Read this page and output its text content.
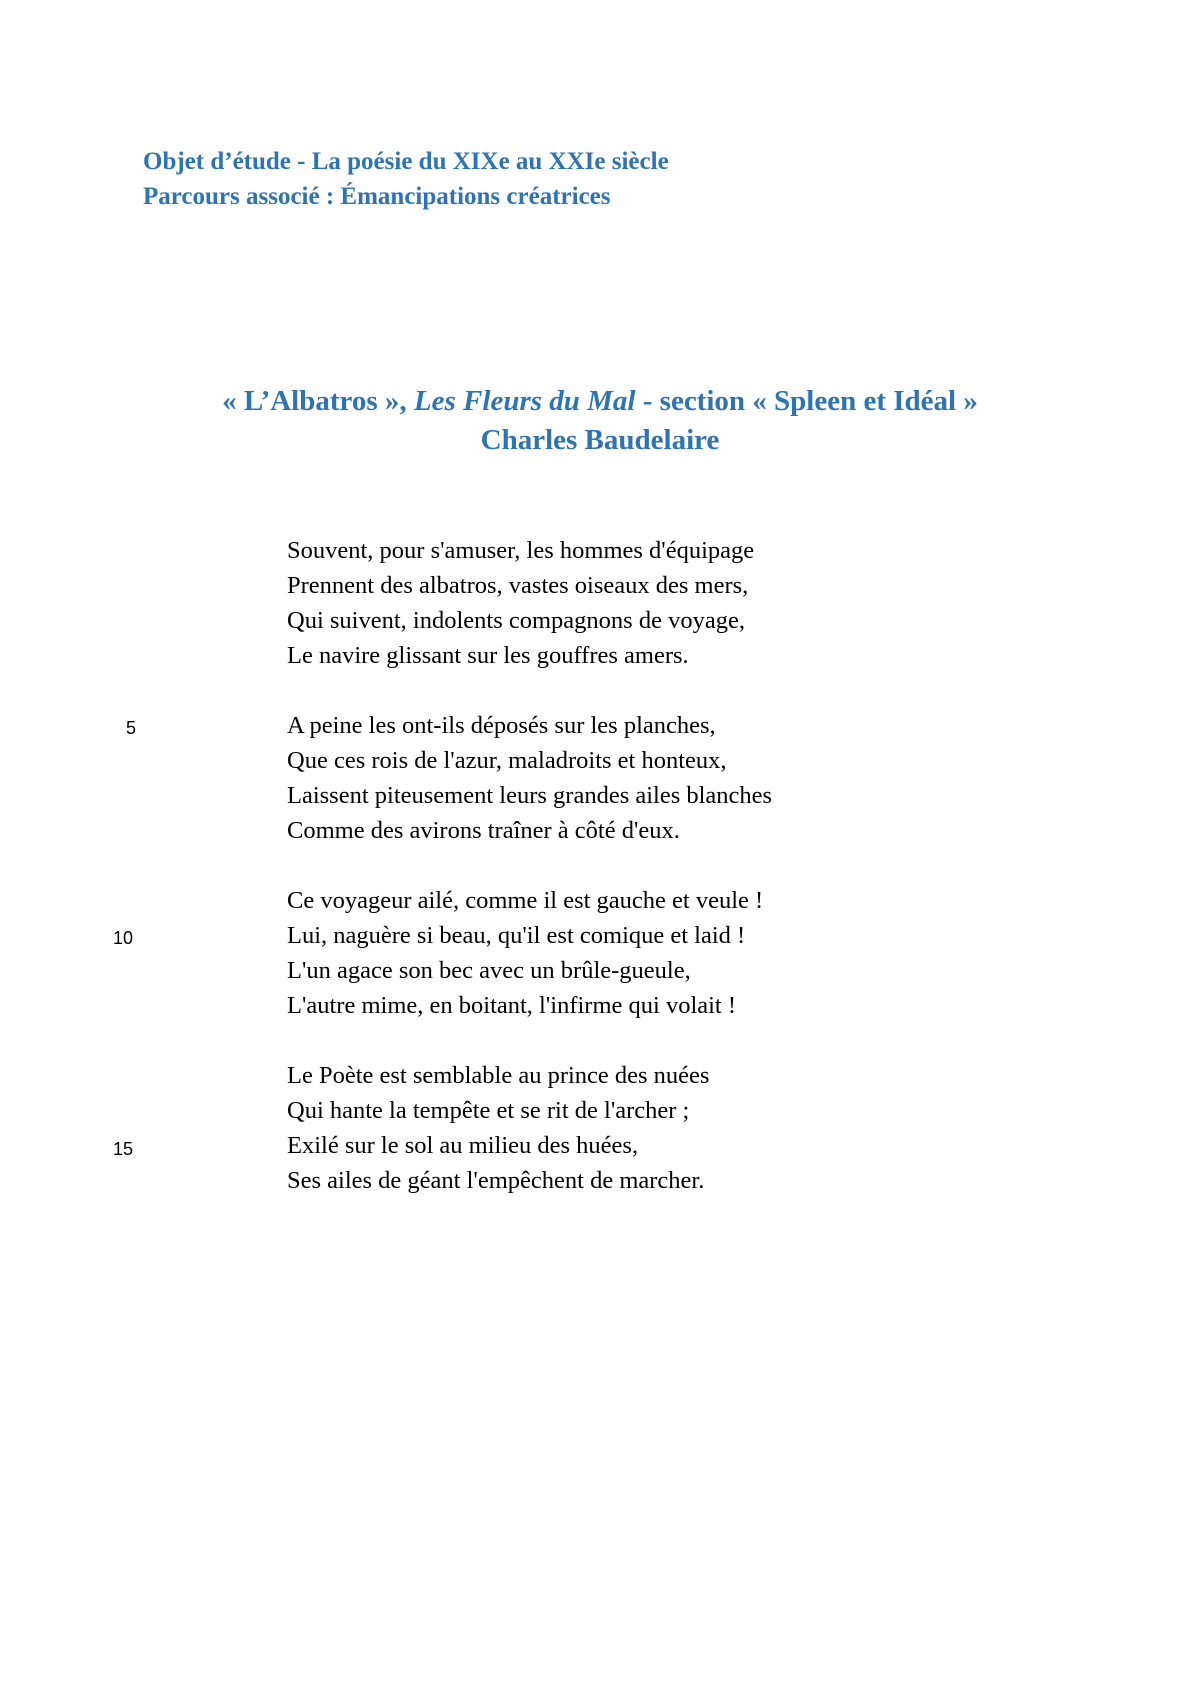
Objet d’étude - La poésie du XIXe au XXIe siècle
Parcours associé : Émancipations créatrices
« L’Albatros », Les Fleurs du Mal - section « Spleen et Idéal »
Charles Baudelaire
Souvent, pour s'amuser, les hommes d'équipage
Prennent des albatros, vastes oiseaux des mers,
Qui suivent, indolents compagnons de voyage,
Le navire glissant sur les gouffres amers.
A peine les ont-ils déposés sur les planches,
Que ces rois de l'azur, maladroits et honteux,
Laissent piteusement leurs grandes ailes blanches
Comme des avirons traîner à côté d'eux.
Ce voyageur ailé, comme il est gauche et veule !
Lui, naguère si beau, qu'il est comique et laid !
L'un agace son bec avec un brûle-gueule,
L'autre mime, en boitant, l'infirme qui volait !
Le Poète est semblable au prince des nuées
Qui hante la tempête et se rit de l'archer ;
Exilé sur le sol au milieu des huées,
Ses ailes de géant l'empêchent de marcher.
5
10
15
